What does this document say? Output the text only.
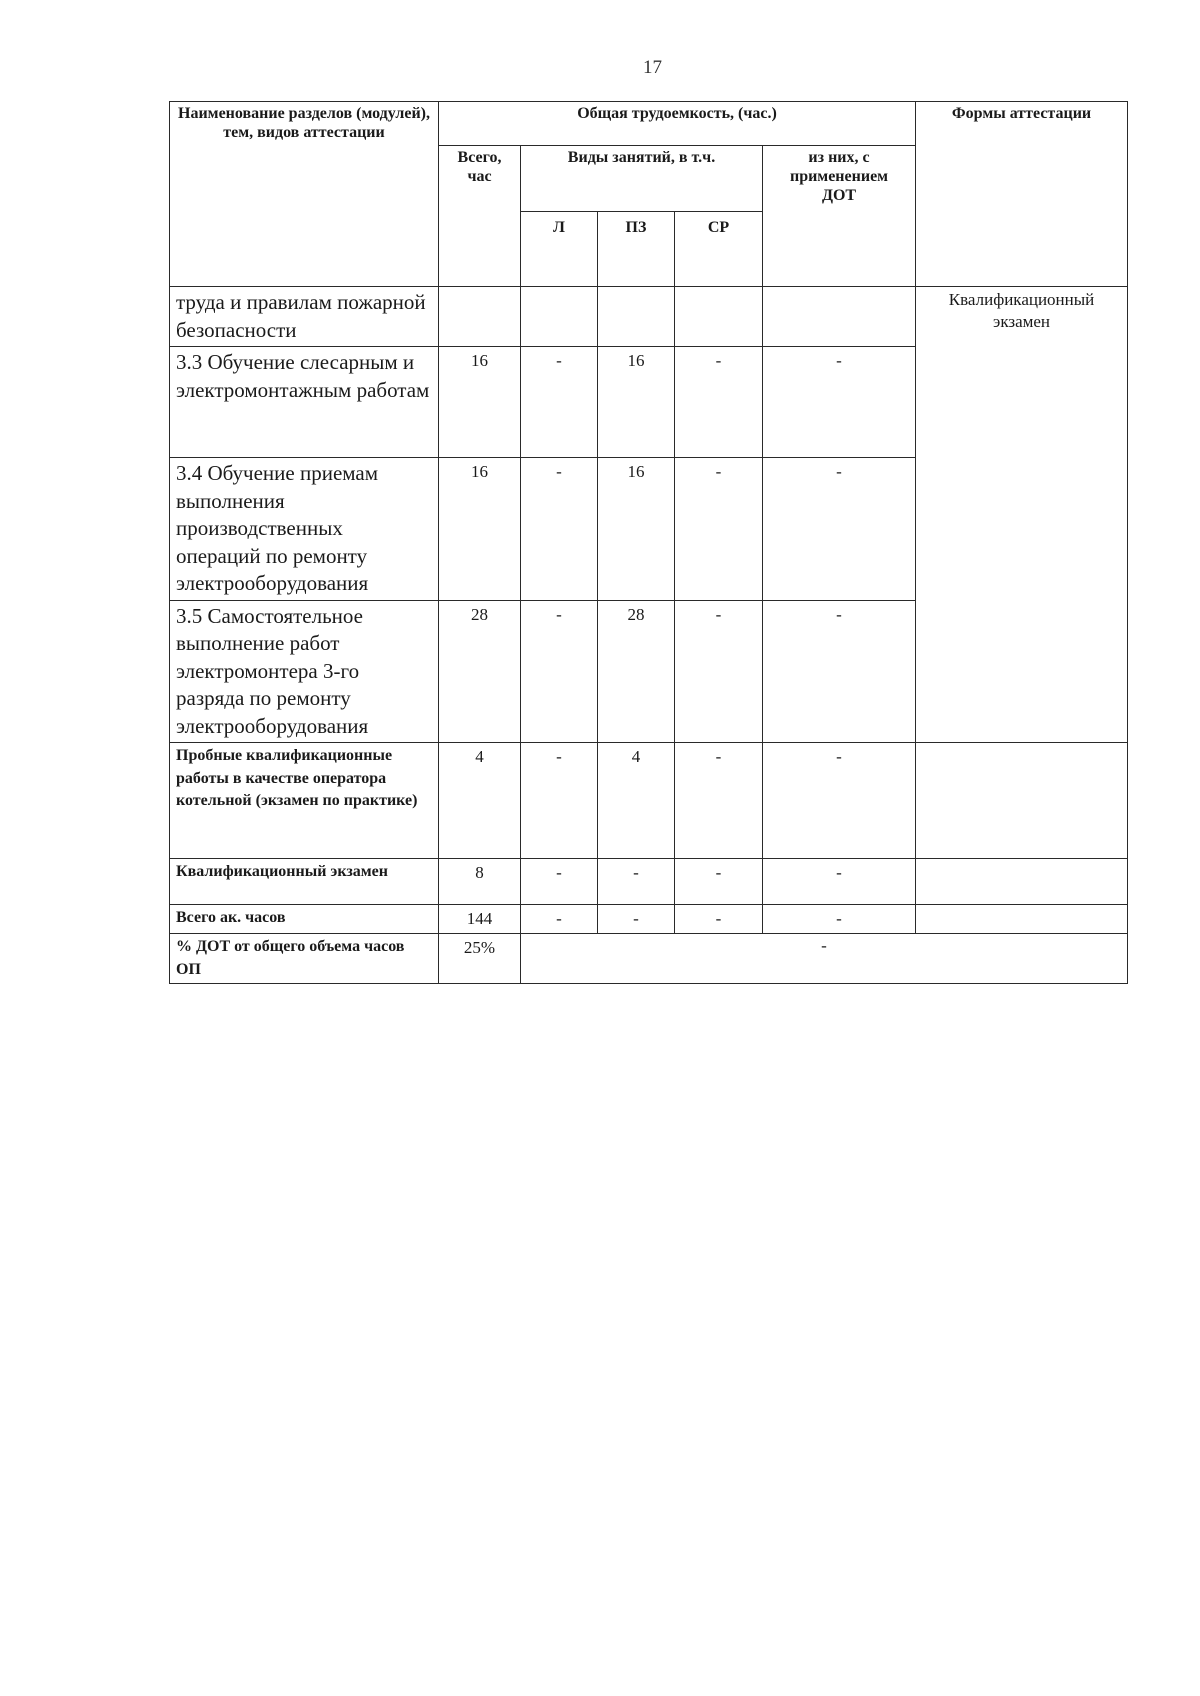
17
Наименование разделов (модулей), тем, видов аттестации	Общая трудоемкость, (час.)					Формы аттестации
	Всего, час	Виды занятий, в т.ч.			из них, с применением ДОТ	
		Л	ПЗ	СР		
труда и правилам пожарной безопасности						Квалификационный экзамен
3.3 Обучение слесарным и электромонтажным работам	16	-	16	-	-	
3.4 Обучение приемам выполнения производственных операций по ремонту электрооборудования	16	-	16	-	-	
3.5 Самостоятельное выполнение работ электромонтера 3-го разряда по ремонту электрооборудования	28	-	28	-	-	
Пробные квалификационные работы в качестве оператора котельной (экзамен по практике)	4	-	4	-	-	
Квалификационный экзамен	8	-	-	-	-	
Всего ак. часов	144	-	-	-	-	
% ДОТ от общего объема часов ОП	25%	-				
